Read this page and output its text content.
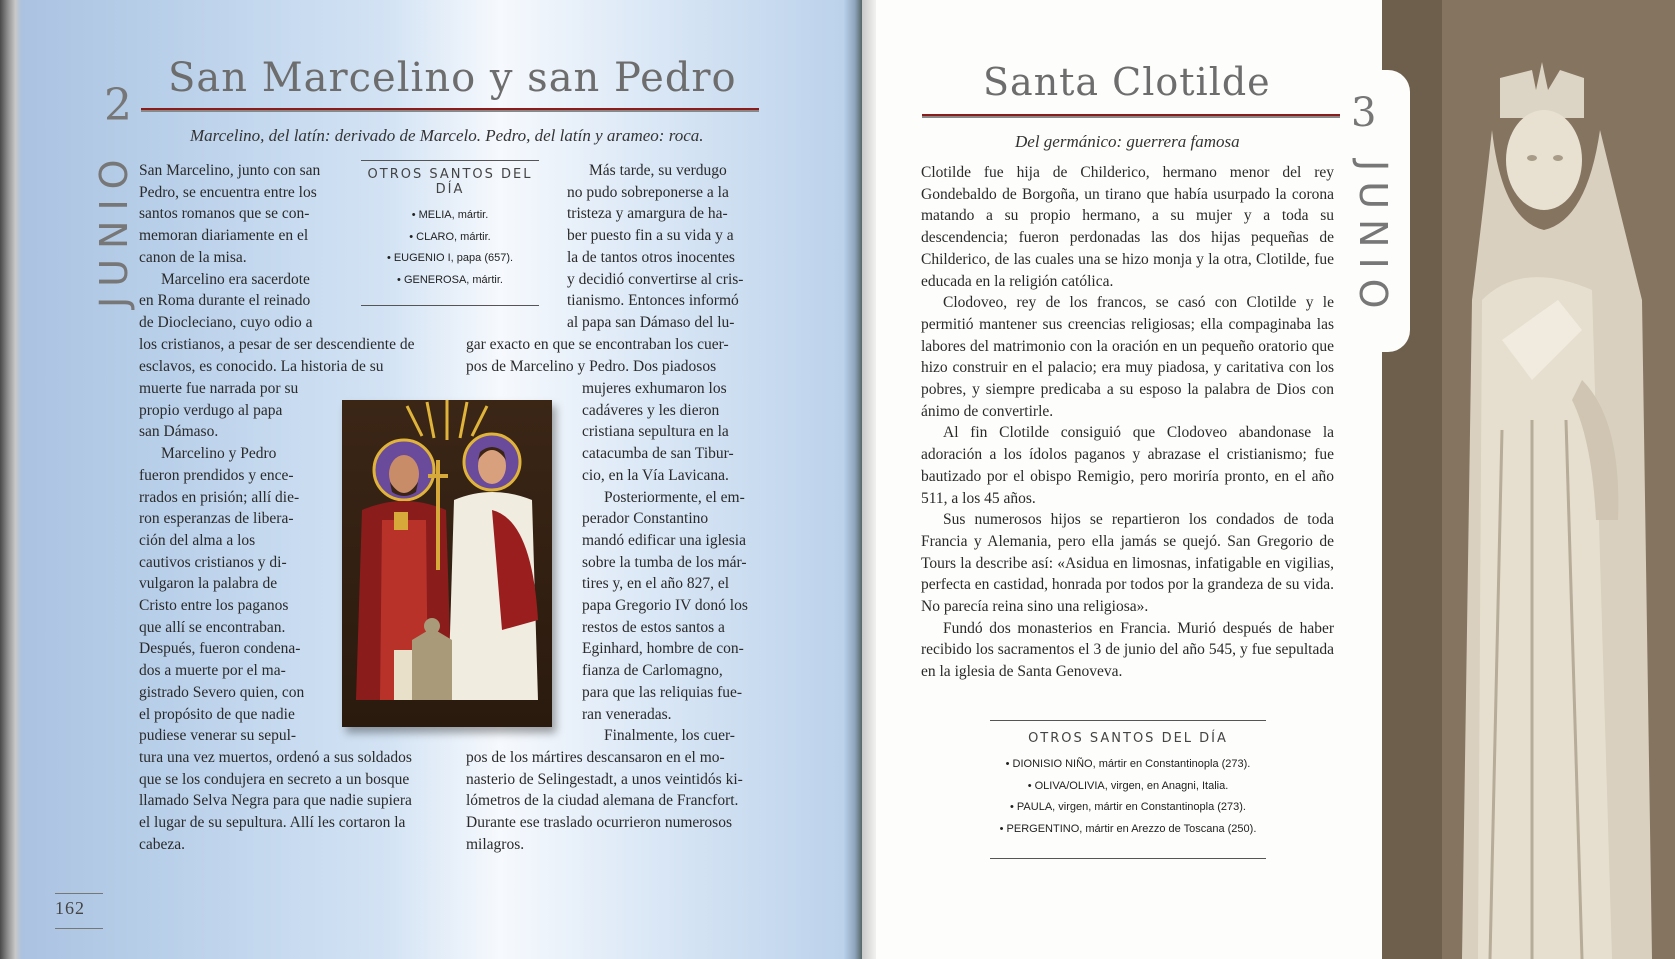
2
San Marcelino y san Pedro
Marcelino, del latín: derivado de Marcelo. Pedro, del latín y arameo: roca.
JUNIO San Marcelino, junto con san

Pedro, se encuentra entre los

santos romanos que se con-

memoran diariamente en el

canon de la misa.

Marcelino era sacerdote

en Roma durante el reinado

de Diocleciano, cuyo odio a

los cristianos, a pesar de ser descendiente de

esclavos, es conocido. La historia de su

muerte fue narrada por su

propio verdugo al papa

san Dámaso.

Marcelino y Pedro

fueron prendidos y ence-

rrados en prisión; allí die-

ron esperanzas de libera-

ción del alma a los

cautivos cristianos y di-

vulgaron la palabra de

Cristo entre los paganos

que allí se encontraban.

Después, fueron condena-

dos a muerte por el ma-

gistrado Severo quien, con

el propósito de que nadie

pudiese venerar su sepul-

tura una vez muertos, ordenó a sus soldados

que se los condujera en secreto a un bosque

llamado Selva Negra para que nadie supiera

el lugar de su sepultura. Allí les cortaron la

cabeza.

OTROS SANTOS DEL DÍA
• MELIA, mártir.
• CLARO, mártir.
• EUGENIO I, papa (657).
• GENEROSA, mártir.

Más tarde, su verdugo

no pudo sobreponerse a la

tristeza y amargura de ha-

ber puesto fin a su vida y a

la de tantos otros inocentes

y decidió convertirse al cris-

tianismo. Entonces informó

al papa san Dámaso del lu-

gar exacto en que se encontraban los cuer-

pos de Marcelino y Pedro. Dos piadosos

mujeres exhumaron los

cadáveres y les dieron

cristiana sepultura en la

catacumba de san Tibur-

cio, en la Vía Lavicana.

Posteriormente, el em-

perador Constantino

mandó edificar una iglesia

sobre la tumba de los már-

tires y, en el año 827, el

papa Gregorio IV donó los

restos de estos santos a

Eginhard, hombre de con-

fianza de Carlomagno,

para que las reliquias fue-

ran veneradas.

Finalmente, los cuer-

pos de los mártires descansaron en el mo-

nasterio de Selingestadt, a unos veintidós ki-

lómetros de la ciudad alemana de Francfort.

Durante ese traslado ocurrieron numerosos

milagros.

162
Santa Clotilde
Del germánico: guerrera famosa
3
JUNIO

Clotilde fue hija de Childerico, hermano menor del rey Gondebaldo de Borgoña, un tirano que había usurpado la corona matando a su propio hermano, a su mujer y a toda su descendencia; fueron perdonadas las dos hijas pequeñas de Childerico, de las cuales una se hizo monja y la otra, Clotilde, fue educada en la religión católica.

Clodoveo, rey de los francos, se casó con Clotilde y le permitió mantener sus creencias religiosas; ella compaginaba las labores del matrimonio con la oración en un pequeño oratorio que hizo construir en el palacio; era muy piadosa, y caritativa con los pobres, y siempre predicaba a su esposo la palabra de Dios con ánimo de convertirle.

Al fin Clotilde consiguió que Clodoveo abandonase la adoración a los ídolos paganos y abrazase el cristianismo; fue bautizado por el obispo Remigio, pero moriría pronto, en el año 511, a los 45 años.

Sus numerosos hijos se repartieron los condados de toda Francia y Alemania, pero ella jamás se quejó. San Gregorio de Tours la describe así: «Asidua en limosnas, infatigable en vigilias, perfecta en castidad, honrada por todos por la grandeza de su vida. No parecía reina sino una religiosa».

Fundó dos monasterios en Francia. Murió después de haber recibido los sacramentos el 3 de junio del año 545, y fue sepultada en la iglesia de Santa Genoveva.

OTROS SANTOS DEL DÍA
• DIONISIO NIÑO, mártir en Constantinopla (273).
• OLIVA/OLIVIA, virgen, en Anagni, Italia.
• PAULA, virgen, mártir en Constantinopla (273).
• PERGENTINO, mártir en Arezzo de Toscana (250).
